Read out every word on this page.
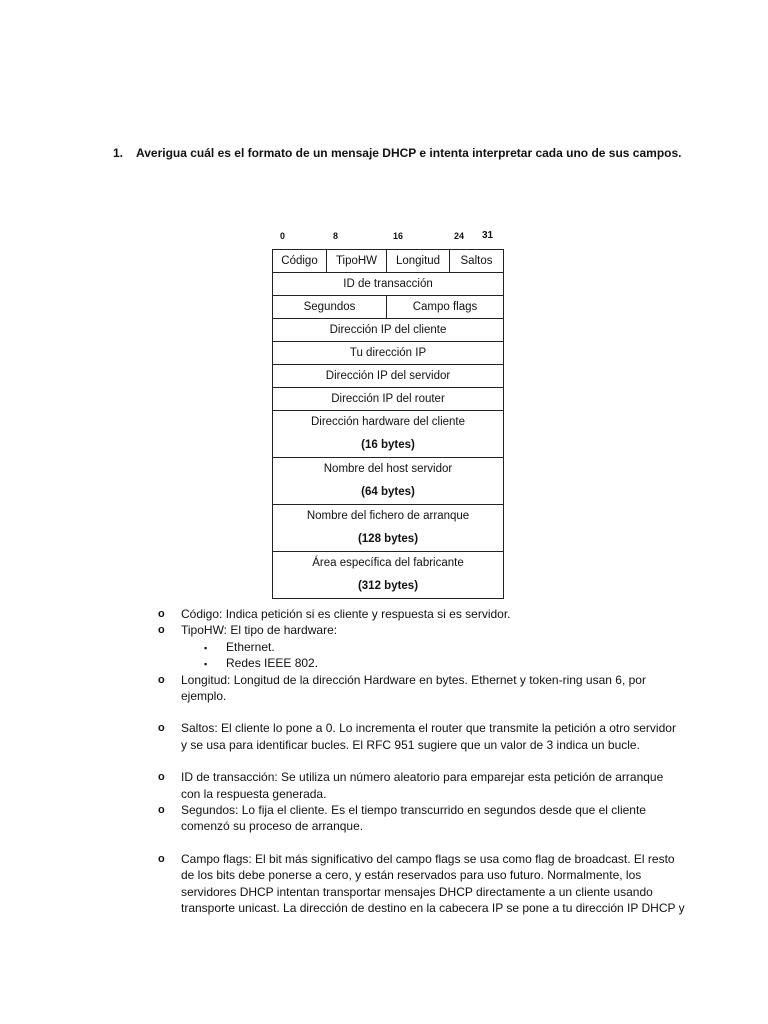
1. Averigua cuál es el formato de un mensaje DHCP e intenta interpretar cada uno de sus campos.
0	8	16	24 31
Código	TipoHW	Longitud	Saltos
ID de transacción			
Segundos		Campo flags	
Dirección IP del cliente			
Tu dirección IP			
Dirección IP del servidor			
Dirección IP del router			

Dirección hardware del cliente
(16 bytes)			

Nombre del host servidor
(64 bytes)			

Nombre del fichero de arranque
(128 bytes)			

Área específica del fabricante
(312 bytes)			
o Código: Indica petición si es cliente y respuesta si es servidor.
o TipoHW: El tipo de hardware:
▪ Ethernet.
▪ Redes IEEE 802.
o Longitud: Longitud de la dirección Hardware en bytes. Ethernet y token-ring usan 6, por
ejemplo.
o Saltos: El cliente lo pone a 0. Lo incrementa el router que transmite la petición a otro servidor
y se usa para identificar bucles. El RFC 951 sugiere que un valor de 3 indica un bucle.
o ID de transacción: Se utiliza un número aleatorio para emparejar esta petición de arranque
con la respuesta generada.
o Segundos: Lo fija el cliente. Es el tiempo transcurrido en segundos desde que el cliente
comenzó su proceso de arranque.
o Campo flags: El bit más significativo del campo flags se usa como flag de broadcast. El resto
de los bits debe ponerse a cero, y están reservados para uso futuro. Normalmente, los
servidores DHCP intentan transportar mensajes DHCP directamente a un cliente usando
transporte unicast. La dirección de destino en la cabecera IP se pone a tu dirección IP DHCP y
